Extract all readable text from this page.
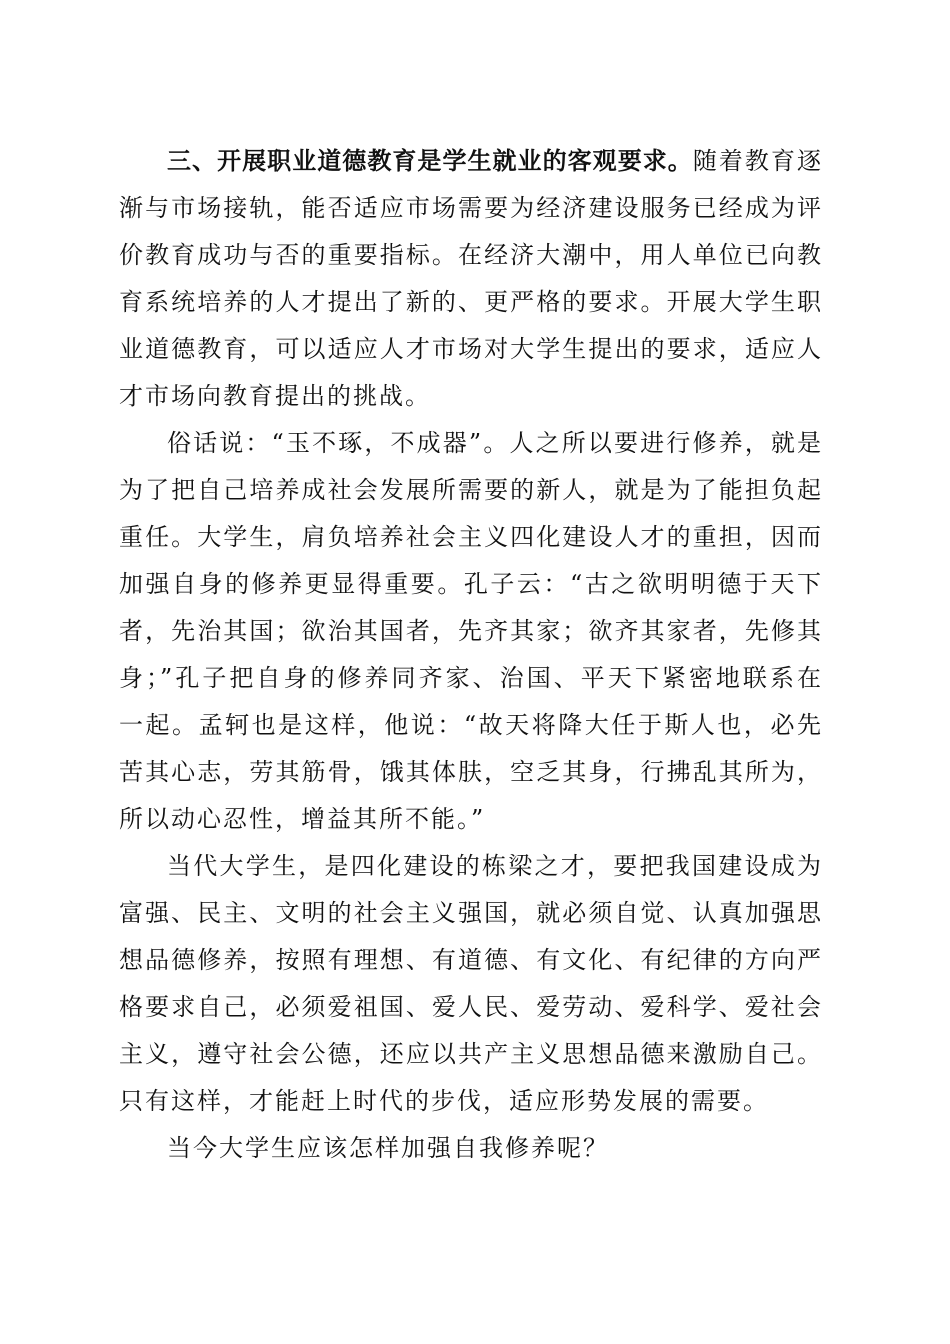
三、开展职业道德教育是学生就业的客观要求。随着教育逐渐与市场接轨，能否适应市场需要为经济建设服务已经成为评价教育成功与否的重要指标。在经济大潮中，用人单位已向教育系统培养的人才提出了新的、更严格的要求。开展大学生职业道德教育，可以适应人才市场对大学生提出的要求，适应人才市场向教育提出的挑战。

俗话说：“玉不琢，不成器”。人之所以要进行修养，就是为了把自己培养成社会发展所需要的新人，就是为了能担负起重任。大学生，肩负培养社会主义四化建设人才的重担，因而加强自身的修养更显得重要。孔子云：“古之欲明明德于天下者，先治其国；欲治其国者，先齐其家；欲齐其家者，先修其身；”孔子把自身的修养同齐家、治国、平天下紧密地联系在一起。孟轲也是这样，他说：“故天将降大任于斯人也，必先苦其心志，劳其筋骨，饿其体肤，空乏其身，行拂乱其所为，所以动心忍性，增益其所不能。”

当代大学生，是四化建设的栋梁之才，要把我国建设成为富强、民主、文明的社会主义强国，就必须自觉、认真加强思想品德修养，按照有理想、有道德、有文化、有纪律的方向严格要求自己，必须爱祖国、爱人民、爱劳动、爱科学、爱社会主义，遵守社会公德，还应以共产主义思想品德来激励自己。只有这样，才能赶上时代的步伐，适应形势发展的需要。

当今大学生应该怎样加强自我修养呢？
